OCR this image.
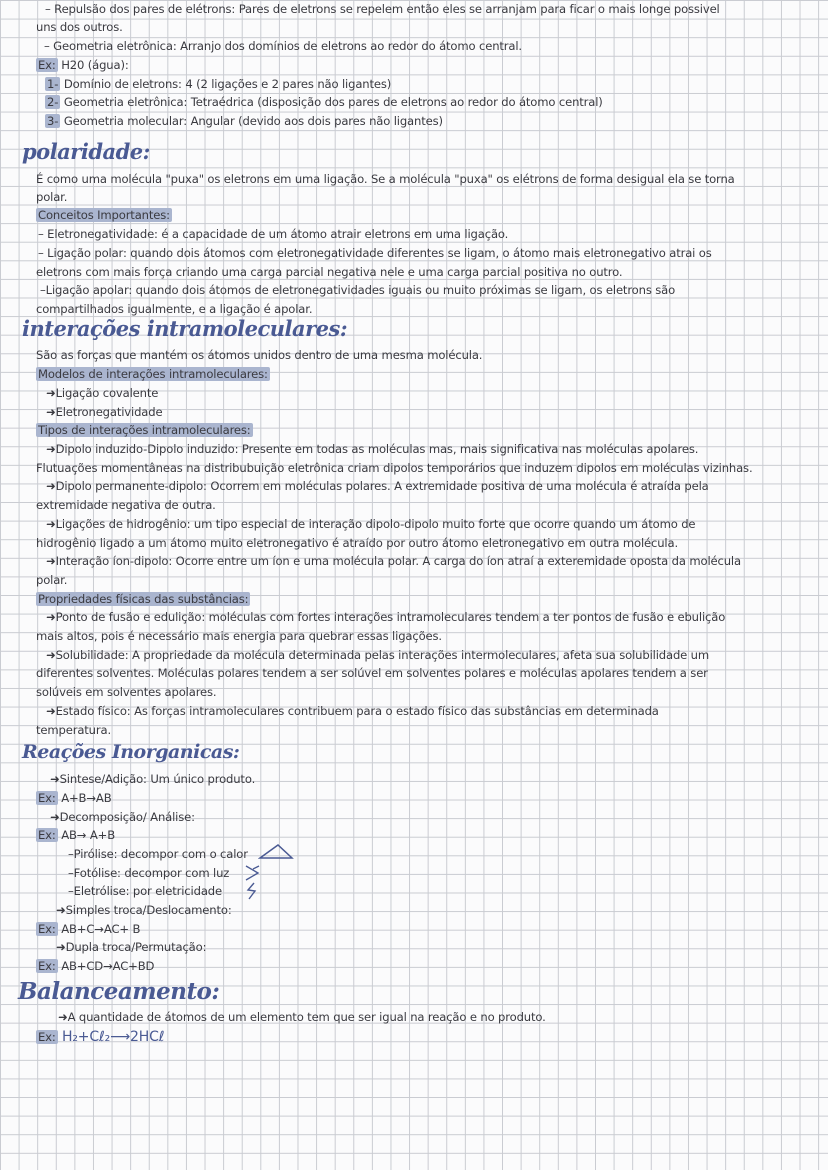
– Repulsão dos pares de elétrons: Pares de eletrons se repelem então eles se arranjam para ficar o mais longe possivel
uns dos outros.
– Geometria eletrônica: Arranjo dos domínios de eletrons ao redor do átomo central.
Ex: H20 (água):
1- Domínio de eletrons: 4 (2 ligações e 2 pares não ligantes)
2- Geometria eletrônica: Tetraédrica (disposição dos pares de eletrons ao redor do átomo central)
3- Geometria molecular: Angular (devido aos dois pares não ligantes)
polaridade:
É como uma molécula "puxa" os eletrons em uma ligação. Se a molécula "puxa" os elétrons de forma desigual ela se torna
polar.
Conceitos Importantes:
– Eletronegatividade: é a capacidade de um átomo atrair eletrons em uma ligação.
– Ligação polar: quando dois átomos com eletronegatividade diferentes se ligam, o átomo mais eletronegativo atrai os
eletrons com mais força criando uma carga parcial negativa nele e uma carga parcial positiva no outro.
–Ligação apolar: quando dois átomos de eletronegatividades iguais ou muito próximas se ligam, os eletrons são
compartilhados igualmente, e a ligação é apolar.
interações intramoleculares:
São as forças que mantém os átomos unidos dentro de uma mesma molécula.
Modelos de interações intramoleculares:
➜Ligação covalente
➜Eletronegatividade
Tipos de interações intramoleculares:
➜Dipolo induzido-Dipolo induzido: Presente em todas as moléculas mas, mais significativa nas moléculas apolares.
Flutuações momentâneas na distribubuição eletrônica criam dipolos temporários que induzem dipolos em moléculas vizinhas.
➜Dipolo permanente-dipolo: Ocorrem em moléculas polares. A extremidade positiva de uma molécula é atraída pela
extremidade negativa de outra.
➜Ligações de hidrogênio: um tipo especial de interação dipolo-dipolo muito forte que ocorre quando um átomo de
hidrogênio ligado a um átomo muito eletronegativo é atraído por outro átomo eletronegativo em outra molécula.
➜Interação íon-dipolo: Ocorre entre um íon e uma molécula polar. A carga do íon atraí a exteremidade oposta da molécula
polar.
Propriedades físicas das substâncias:
➜Ponto de fusão e edulição: moléculas com fortes interações intramoleculares tendem a ter pontos de fusão e ebulição
mais altos, pois é necessário mais energia para quebrar essas ligações.
➜Solubilidade: A propriedade da molécula determinada pelas interações intermoleculares, afeta sua solubilidade um
diferentes solventes. Moléculas polares tendem a ser solúvel em solventes polares e moléculas apolares tendem a ser
solúveis em solventes apolares.
➜Estado físico: As forças intramoleculares contribuem para o estado físico das substâncias em determinada
temperatura.
Reações Inorganicas:
➜Sintese/Adição: Um único produto.
Ex: A+B→AB
➜Decomposição/ Análise:
Ex: AB→ A+B
–Pirólise: decompor com o calor
–Fotólise: decompor com luz
–Eletrólise: por eletricidade
➜Simples troca/Deslocamento:
Ex: AB+C→AC+ B
➜Dupla troca/Permutação:
Ex: AB+CD→AC+BD
Balanceamento:
➜A quantidade de átomos de um elemento tem que ser igual na reação e no produto.
Ex: H₂+Cℓ₂⟶2HCℓ
